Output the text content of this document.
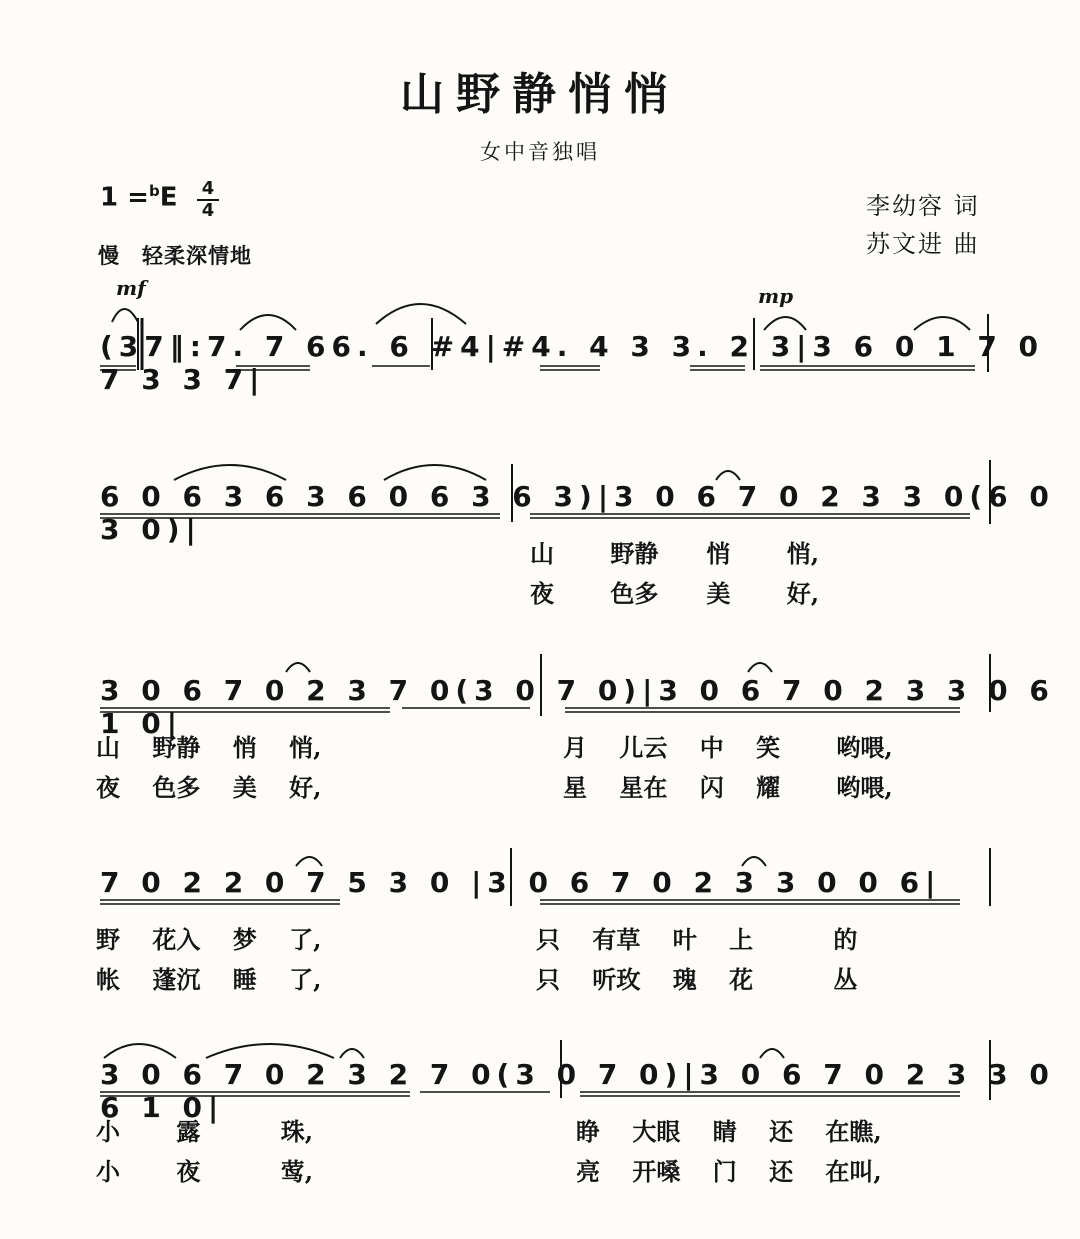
山野静悄悄
女中音独唱
1 =$^b$E 4
4
慢　轻柔深情地
李幼容 词
苏文进 曲
mf	mp
(37‖:7. 7 66. 6 #4|#4. 4 3 3. 2 3|3 6 0 1 7 0 7 3 3 7|
6 0 6 3 6 3 6 0 6 3 6 3)|3 0 6 7 0 2 3 3 0(6 0 3 0)|
山　　 野静　　悄　　 悄,
夜　　 色多　　美　　 好,
3 0 6 7 0 2 3 7 0(3 0 7 0)|3 0 6 7 0 2 3 3 0 6 1 0|
山　 野静　 悄　 悄,
夜　 色多　 美　 好,
月　 儿云　 中　 笑　　 哟喂,
星　 星在　 闪　 耀　　 哟喂,
7 0 2 2 0 7 5 3 0 |3 0 6 7 0 2 3 3 0 0 6|
野　 花入　 梦　 了,
帐　 蓬沉　 睡　 了,
只　 有草　 叶　 上　　　 的
只　 听玫　 瑰　 花　　　 丛
3 0 6 7 0 2 3 2 7 0(3 0 7 0)|3 0 6 7 0 2 3 3 0 6 1 0|
小　　 露　　　 珠,
小　　 夜　　　 莺,
睁　 大眼　 睛　 还　 在瞧,
亮　 开嗓　 门　 还　 在叫,
